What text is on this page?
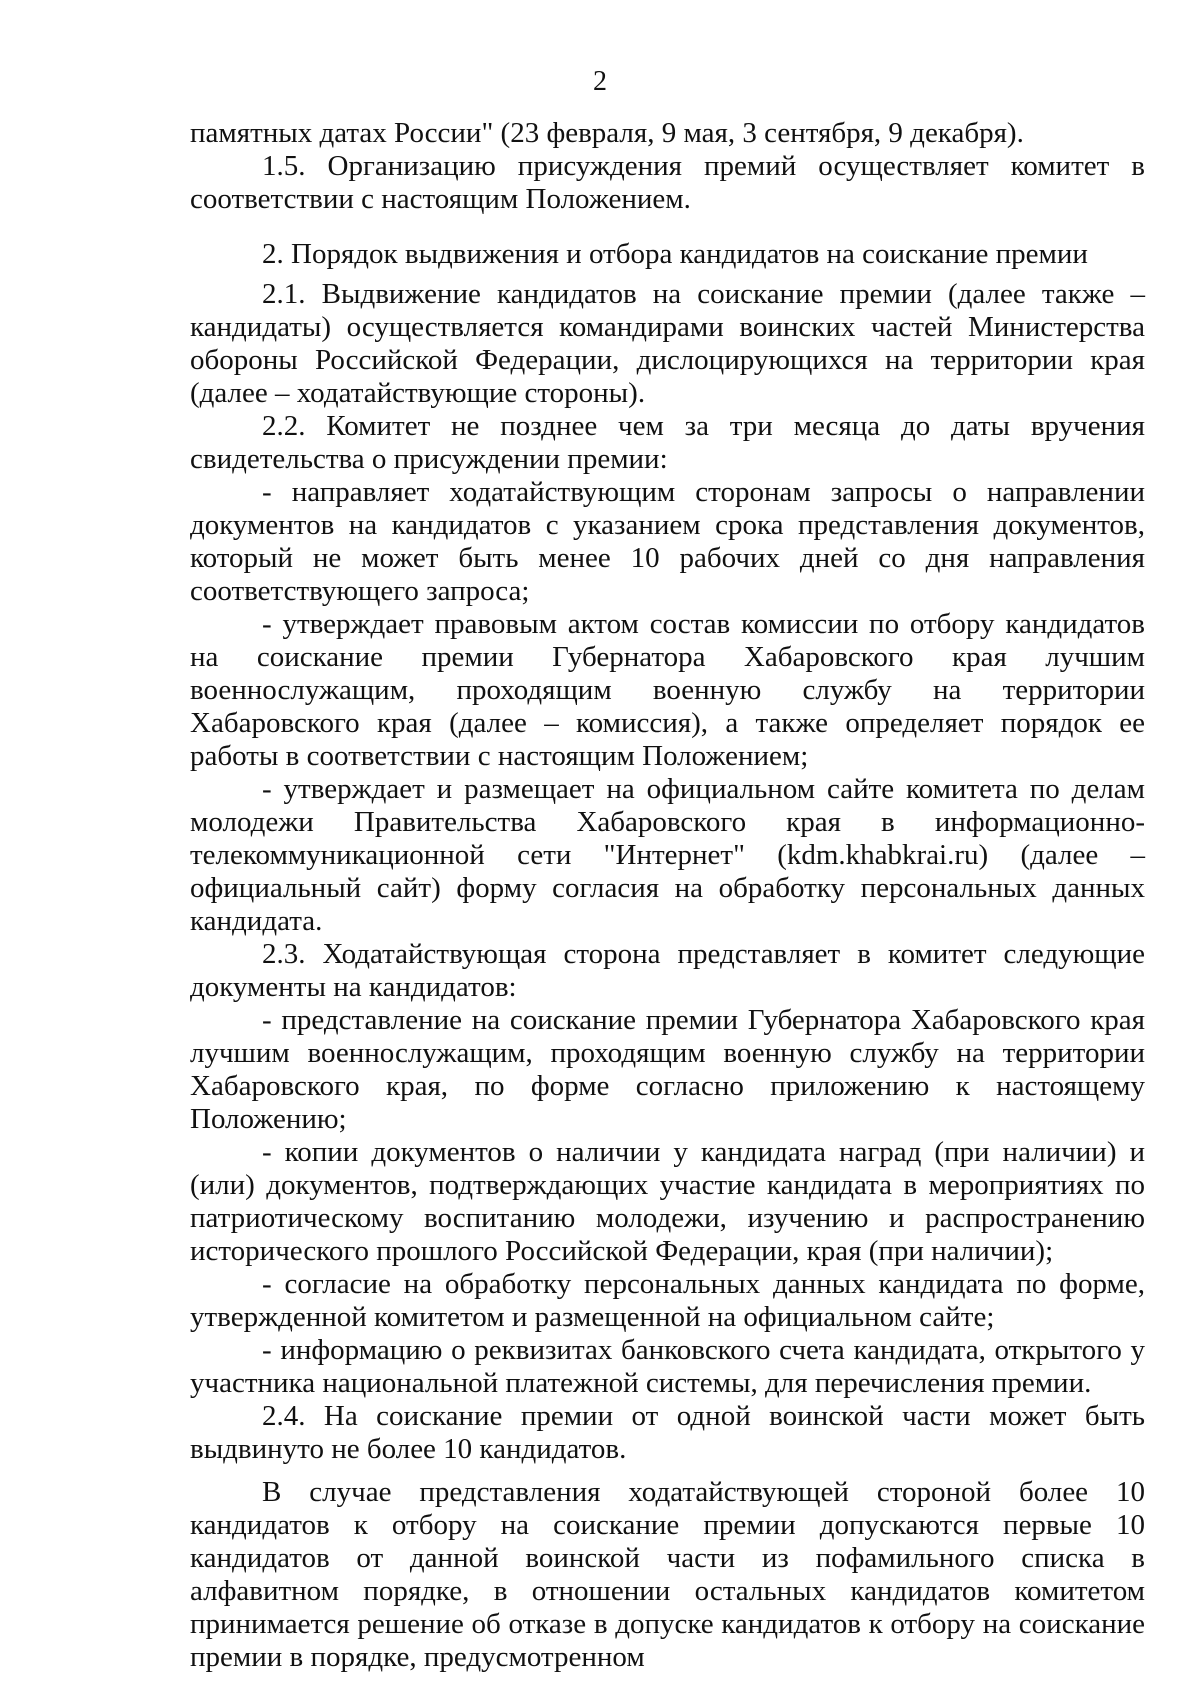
2

памятных датах России" (23 февраля, 9 мая, 3 сентября, 9 декабря).

1.5. Организацию присуждения премий осуществляет комитет в соответствии с настоящим Положением.

2. Порядок выдвижения и отбора кандидатов на соискание премии

2.1. Выдвижение кандидатов на соискание премии (далее также – кандидаты) осуществляется командирами воинских частей Министерства обороны Российской Федерации, дислоцирующихся на территории края (далее – ходатайствующие стороны).

2.2. Комитет не позднее чем за три месяца до даты вручения свидетельства о присуждении премии:

- направляет ходатайствующим сторонам запросы о направлении документов на кандидатов с указанием срока представления документов, который не может быть менее 10 рабочих дней со дня направления соответствующего запроса;

- утверждает правовым актом состав комиссии по отбору кандидатов на соискание премии Губернатора Хабаровского края лучшим военнослужащим, проходящим военную службу на территории Хабаровского края (далее – комиссия), а также определяет порядок ее работы в соответствии с настоящим Положением;

- утверждает и размещает на официальном сайте комитета по делам молодежи Правительства Хабаровского края в информационно-телекоммуникационной сети "Интернет" (kdm.khabkrai.ru) (далее – официальный сайт) форму согласия на обработку персональных данных кандидата.

2.3. Ходатайствующая сторона представляет в комитет следующие документы на кандидатов:

- представление на соискание премии Губернатора Хабаровского края лучшим военнослужащим, проходящим военную службу на территории Хабаровского края, по форме согласно приложению к настоящему Положению;

- копии документов о наличии у кандидата наград (при наличии) и (или) документов, подтверждающих участие кандидата в мероприятиях по патриотическому воспитанию молодежи, изучению и распространению исторического прошлого Российской Федерации, края (при наличии);

- согласие на обработку персональных данных кандидата по форме, утвержденной комитетом и размещенной на официальном сайте;

- информацию о реквизитах банковского счета кандидата, открытого у участника национальной платежной системы, для перечисления премии.

2.4. На соискание премии от одной воинской части может быть выдвинуто не более 10 кандидатов.

В случае представления ходатайствующей стороной более 10 кандидатов к отбору на соискание премии допускаются первые 10 кандидатов от данной воинской части из пофамильного списка в алфавитном порядке, в отношении остальных кандидатов комитетом принимается решение об отказе в допуске кандидатов к отбору на соискание премии в порядке, предусмотренном
